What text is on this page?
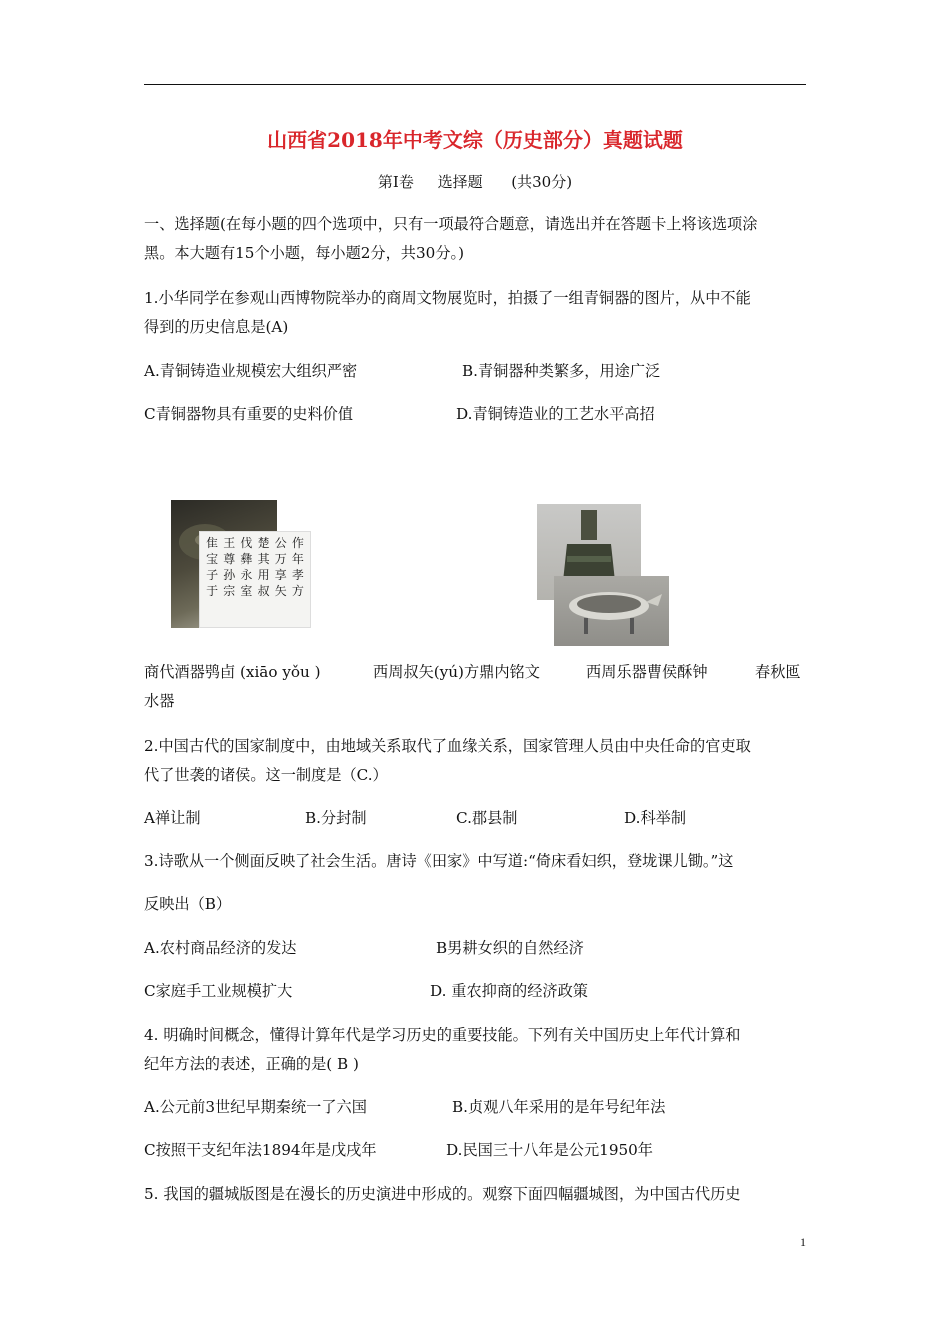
山西省2018年中考文综（历史部分）真题试题
第Ⅰ卷     选择题      (共30分)
一、选择题(在每小题的四个选项中，只有一项最符合题意，请选出并在答题卡上将该选项涂
黑。本大题有15个小题，每小题2分，共30分。)
1.小华同学在参观山西博物院举办的商周文物展览时，拍摄了一组青铜器的图片，从中不能
得到的历史信息是(A)
A.青铜铸造业规模宏大组织严密	B.青铜器种类繁多，用途广泛
C青铜器物具有重要的史料价值	D.青铜铸造业的工艺水平高招
隹 王 伐 楚 公 作
宝 尊 彝 其 万 年
子 孙 永 用 享 孝
于 宗 室 叔 矢 方
商代酒器鸮卣 (xiāo yǒu )	西周叔矢(yú)方鼎内铭文	西周乐器曹侯酥钟	春秋匜
水器
2.中国古代的国家制度中，由地域关系取代了血缘关系，国家管理人员由中央任命的官吏取
代了世袭的诸侯。这一制度是（C.）
A禅让制	B.分封制	C.郡县制	D.科举制
3.诗歌从一个侧面反映了社会生活。唐诗《田家》中写道:“倚床看妇织，登垅课儿锄。”这
反映出（B）
A.农村商品经济的发达	B男耕女织的自然经济
C家庭手工业规模扩大	D. 重农抑商的经济政策
4. 明确时间概念，懂得计算年代是学习历史的重要技能。下列有关中国历史上年代计算和
纪年方法的表述，正确的是( B )
A.公元前3世纪早期秦统一了六国	B.贞观八年采用的是年号纪年法
C按照干支纪年法1894年是戊戌年	D.民国三十八年是公元1950年
5. 我国的疆城版图是在漫长的历史演进中形成的。观察下面四幅疆城图，为中国古代历史
1
